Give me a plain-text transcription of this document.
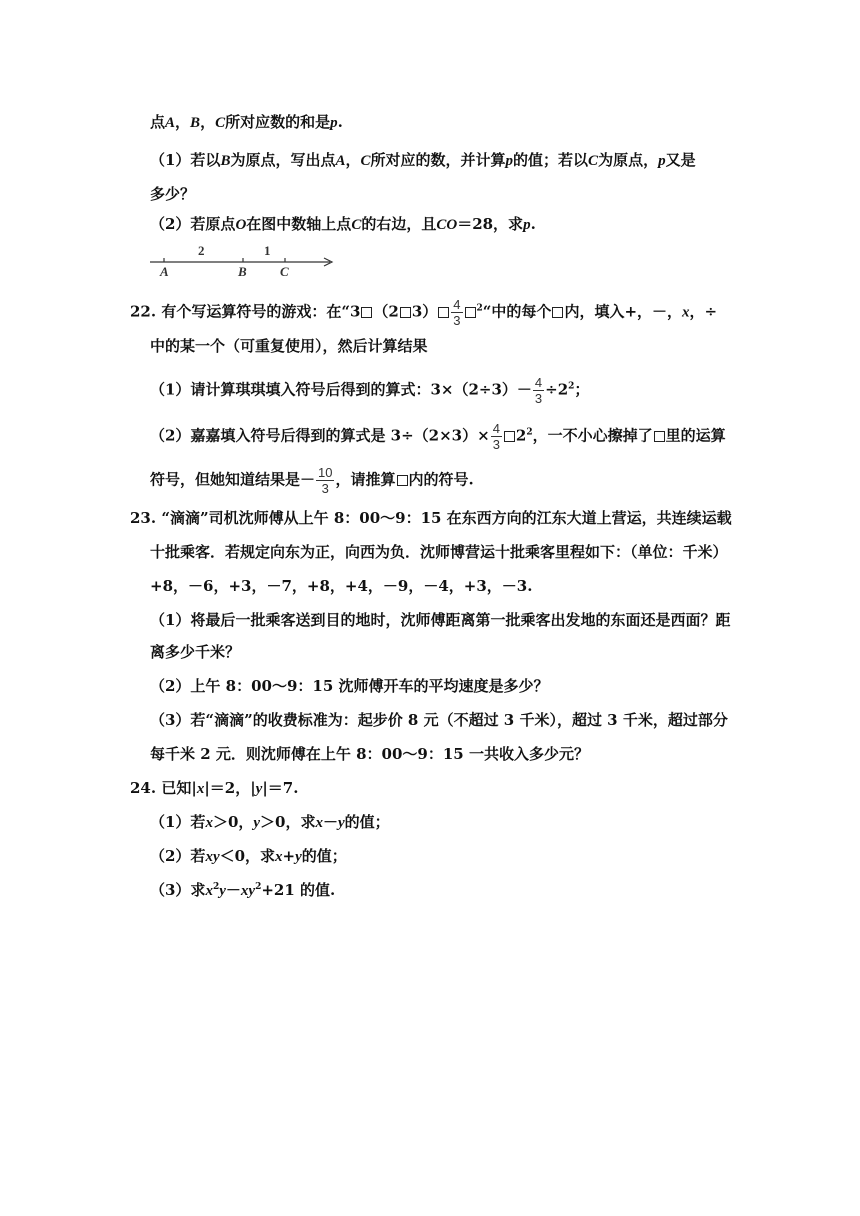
点A，B，C所对应数的和是p.
（1）若以B为原点，写出点A，C所对应的数，并计算p的值；若以C为原点，p又是
多少？
（2）若原点O在图中数轴上点C的右边，且CO＝28，求p.
A	B	C
2	1
22. 有个写运算符号的游戏：在“3 （2 $3) \frac{4}{3}$ $^2$“中的每个 内，填入+，－，x，÷
中的某一个（可重复使用），然后计算结果
（1）请计算琪琪填入符号后得到的算式：$3\times(2\div 3)- \frac{4}{3} \div 2^2$；
（2）嘉嘉填入符号后得到的算式是 $3\div(2\times 3)\times \frac{4}{3} 2^2$，一不小心擦掉了 里的运算
符号，但她知道结果是－ $\frac{10}{3}$ ，请推算 内的符号.
23. “滴滴”司机沈师傅从上午 8：00～9：15 在东西方向的江东大道上营运，共连续运载
十批乘客．若规定向东为正，向西为负．沈师博营运十批乘客里程如下：（单位：千米）
+8，－6，+3，－7，+8，+4，－9，－4，+3，－3.
（1）将最后一批乘客送到目的地时，沈师傅距离第一批乘客出发地的东面还是西面？距
离多少千米？
（2）上午 8：00～9：15 沈师傅开车的平均速度是多少？
（3）若“滴滴”的收费标准为：起步价 8 元（不超过 3 千米），超过 3 千米，超过部分
每千米 2 元．则沈师傅在上午 8：00～9：15 一共收入多少元？
24. 已知|x|＝2，|y|＝7.
（1）若x＞0，y＞0，求x－y的值；
（2）若xy＜0，求x+y的值；
（3）求$x^2y-xy^2+21$ 的值.
